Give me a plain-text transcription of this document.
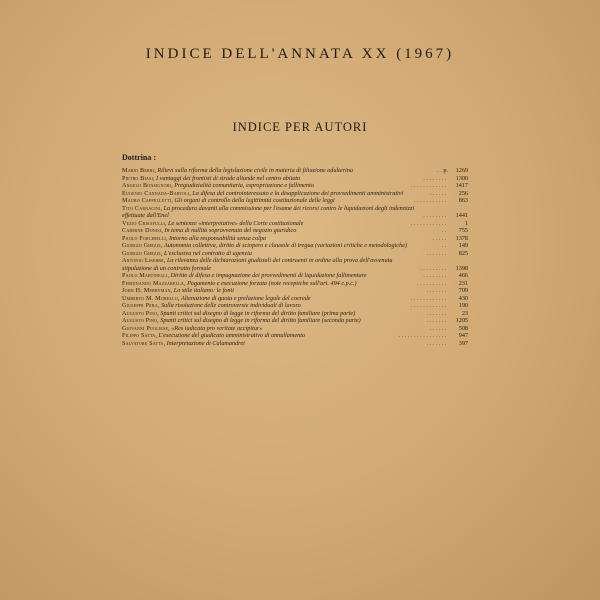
INDICE DELL'ANNATA XX (1967)
INDICE PER AUTORI
Dottrina :
Mario Berri, Rilievi sulla riforma della legislazione civile in materia di filiazione adulterina	. . p. 1269
Pietro Biasi, I vantaggi dei frontisti di strade aliunde nel centro abitato	. . . . . . . . 1300
Angelo Bonsignori, Pregiudizialità comunitaria, espropriazione e fallimento	. . . . . . . . . . . . 1417
Eugenio Cannada-Bartoli, La difesa del controinteressato e la disapplicazione dei provvedimenti amministrativi	. . . . . . 256
Mauro Cappelletti, Gli organi di controllo della legittimità costituzionale delle leggi	. . . . . . . . . . . 863
Tito Carnacini, La procedura davanti alla commissione per l'esame dei ricorsi contro le liquidazioni degli indennizzi effettuate dall'Enel	. . . . . . . . 1441
Vezio Crisafulli, Le sentenze «interpretative» della Corte costituzionale	. . . . . . . . . . . .	1
Carmine Donisi, In tema di nullità sopravvenuta del negozio giuridico	. . 755
Paolo Forchielli, Intorno alla responsabilità senza colpa	. . . . . 1378
Giorgio Ghezzi, Autonomia collettiva, diritto di sciopero e clausole di tregua (variazioni critiche e metodologiche)	. . 149
Giorgio Ghezzi, L'esclusiva nel contratto di agenzia	. . . . . . . 825
Antonio Liserre, La rilevanza delle dichiarazioni giudiziali dei contraenti in ordine alla prova dell'avvenuta stipulazione di un contratto formale	. . . . . . . . . 1398
Paolo Martinelli, Diritto di difesa e impugnazione dei provvedimenti di liquidazione fallimentare	. . . . . . . . 466
Ferdinando Mazzarella, Pagamento e esecuzione forzata (note receptiche sull'art. 494 c.p.c.)	. . . . . . . . . . 231
John H. Merryman, Lo stile italiano: le fonti	. . . . . . . 709
Umberto M. Morello, Alienazione di quota e prelazione legale del coerede	. . . . . . . . . . . . 430
Giuseppe Pera, Sulla risoluzione delle controversie individuali di lavoro	. . . . . . . . . . . . 190
Augusto Pino, Spunti critici sul disegno di legge in riforma del diritto familiare (prima parte)	. . . . . . . 23
Augusto Pino, Spunti critici sul disegno di legge in riforma del diritto familiare (seconda parte)	. . . . . . . 1205
Giovanni Pugliese, «Res iudicata pro veritate accipitur»	. . . . . . 508
Filippo Satta, L'esecuzione del giudicato amministrativo di annullamento	. . . . . . . . . . . . . . . . 947
Salvatore Satta, Interpretazione di Calamandrei	. . . . . . . 397
